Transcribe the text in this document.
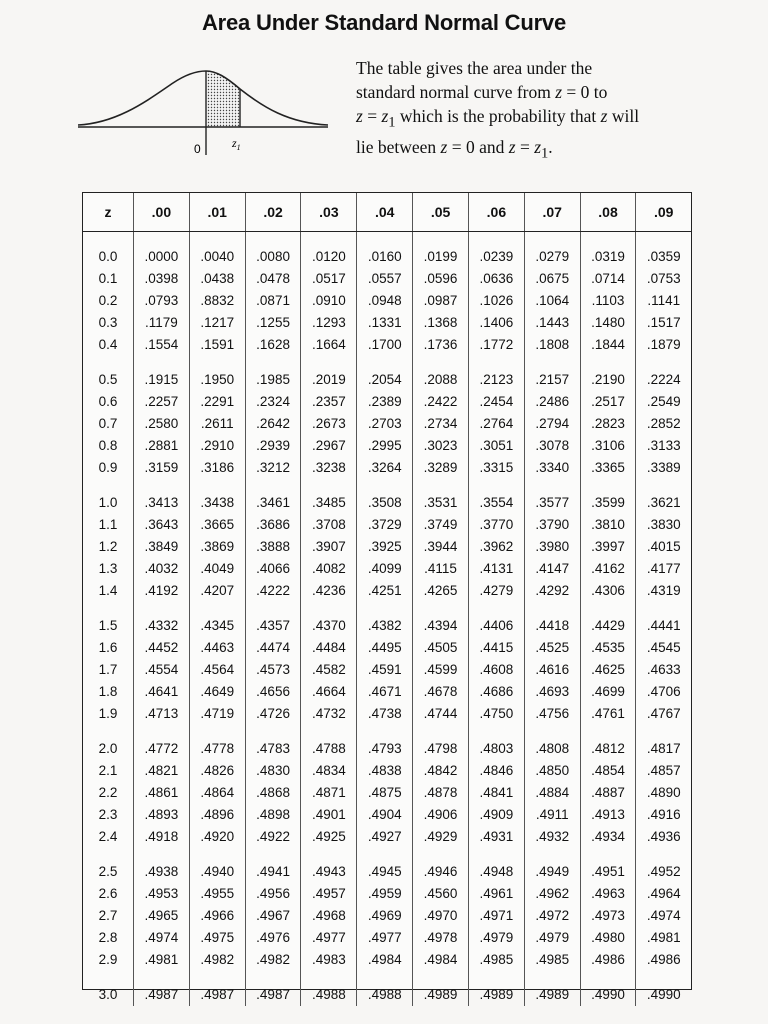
Area Under Standard Normal Curve
0	$z_1$
The table gives the area under the
standard normal curve from z = 0 to
$z = z_1$ which is the probability that z will
lie between z = 0 and $z = z_1$.
z	.00	.01	.02	.03	.04	.05	.06	.07	.08	.09

0.0	.0000	.0040	.0080	.0120	.0160	.0199	.0239	.0279	.0319	.0359
0.1	.0398	.0438	.0478	.0517	.0557	.0596	.0636	.0675	.0714	.0753
0.2	.0793	.8832	.0871	.0910	.0948	.0987	.1026	.1064	.1103	.1141
0.3	.1179	.1217	.1255	.1293	.1331	.1368	.1406	.1443	.1480	.1517
0.4	.1554	.1591	.1628	.1664	.1700	.1736	.1772	.1808	.1844	.1879

0.5	.1915	.1950	.1985	.2019	.2054	.2088	.2123	.2157	.2190	.2224
0.6	.2257	.2291	.2324	.2357	.2389	.2422	.2454	.2486	.2517	.2549
0.7	.2580	.2611	.2642	.2673	.2703	.2734	.2764	.2794	.2823	.2852
0.8	.2881	.2910	.2939	.2967	.2995	.3023	.3051	.3078	.3106	.3133
0.9	.3159	.3186	.3212	.3238	.3264	.3289	.3315	.3340	.3365	.3389

1.0	.3413	.3438	.3461	.3485	.3508	.3531	.3554	.3577	.3599	.3621
1.1	.3643	.3665	.3686	.3708	.3729	.3749	.3770	.3790	.3810	.3830
1.2	.3849	.3869	.3888	.3907	.3925	.3944	.3962	.3980	.3997	.4015
1.3	.4032	.4049	.4066	.4082	.4099	.4115	.4131	.4147	.4162	.4177
1.4	.4192	.4207	.4222	.4236	.4251	.4265	.4279	.4292	.4306	.4319

1.5	.4332	.4345	.4357	.4370	.4382	.4394	.4406	.4418	.4429	.4441
1.6	.4452	.4463	.4474	.4484	.4495	.4505	.4415	.4525	.4535	.4545
1.7	.4554	.4564	.4573	.4582	.4591	.4599	.4608	.4616	.4625	.4633
1.8	.4641	.4649	.4656	.4664	.4671	.4678	.4686	.4693	.4699	.4706
1.9	.4713	.4719	.4726	.4732	.4738	.4744	.4750	.4756	.4761	.4767

2.0	.4772	.4778	.4783	.4788	.4793	.4798	.4803	.4808	.4812	.4817
2.1	.4821	.4826	.4830	.4834	.4838	.4842	.4846	.4850	.4854	.4857
2.2	.4861	.4864	.4868	.4871	.4875	.4878	.4841	.4884	.4887	.4890
2.3	.4893	.4896	.4898	.4901	.4904	.4906	.4909	.4911	.4913	.4916
2.4	.4918	.4920	.4922	.4925	.4927	.4929	.4931	.4932	.4934	.4936

2.5	.4938	.4940	.4941	.4943	.4945	.4946	.4948	.4949	.4951	.4952
2.6	.4953	.4955	.4956	.4957	.4959	.4560	.4961	.4962	.4963	.4964
2.7	.4965	.4966	.4967	.4968	.4969	.4970	.4971	.4972	.4973	.4974
2.8	.4974	.4975	.4976	.4977	.4977	.4978	.4979	.4979	.4980	.4981
2.9	.4981	.4982	.4982	.4983	.4984	.4984	.4985	.4985	.4986	.4986

3.0	.4987	.4987	.4987	.4988	.4988	.4989	.4989	.4989	.4990	.4990
